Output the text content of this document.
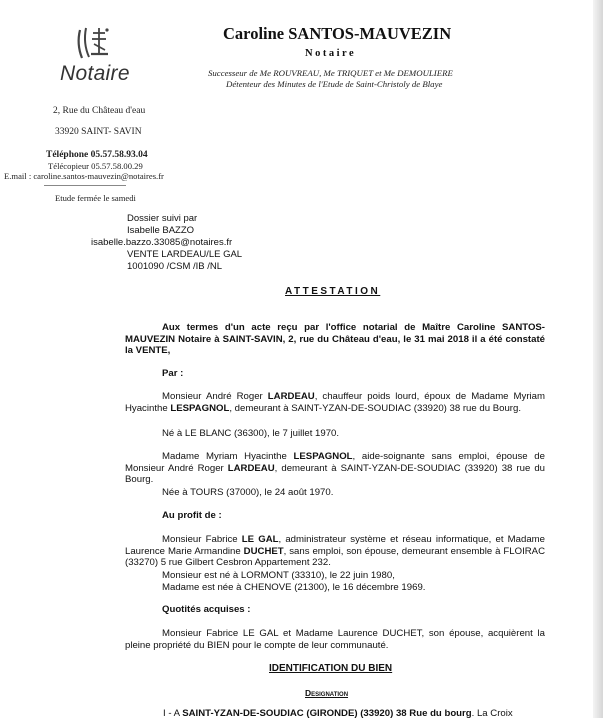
Notaire
2, Rue du Château d'eau
33920 SAINT- SAVIN
Téléphone 05.57.58.93.04
Télécopieur 05.57.58.00.29
E.mail : caroline.santos-mauvezin@notaires.fr
Etude fermée le samedi
Caroline SANTOS-MAUVEZIN
Notaire
Successeur de Me ROUVREAU, Me TRIQUET et Me DEMOULIERE
Détenteur des Minutes de l'Etude de Saint-Christoly de Blaye
Dossier suivi par
Isabelle BAZZO
isabelle.bazzo.33085@notaires.fr
VENTE LARDEAU/LE GAL
1001090 /CSM /IB /NL
ATTESTATION
Aux termes d'un acte reçu par l'office notarial de Maître Caroline SANTOS-MAUVEZIN Notaire à SAINT-SAVIN, 2, rue du Château d'eau, le 31 mai 2018 il a été constaté la VENTE,
Par :
Monsieur André Roger LARDEAU, chauffeur poids lourd, époux de Madame Myriam Hyacinthe LESPAGNOL, demeurant à SAINT-YZAN-DE-SOUDIAC (33920) 38 rue du Bourg.
Né à LE BLANC (36300), le 7 juillet 1970.
Madame Myriam Hyacinthe LESPAGNOL, aide-soignante sans emploi, épouse de Monsieur André Roger LARDEAU, demeurant à SAINT-YZAN-DE-SOUDIAC (33920) 38 rue du Bourg.
Née à TOURS (37000), le 24 août 1970.
Au profit de :
Monsieur Fabrice LE GAL, administrateur système et réseau informatique, et Madame Laurence Marie Armandine DUCHET, sans emploi, son épouse, demeurant ensemble à FLOIRAC (33270) 5 rue Gilbert Cesbron Appartement 232.
Monsieur est né à LORMONT (33310), le 22 juin 1980,
Madame est née à CHENOVE (21300), le 16 décembre 1969.
Quotités acquises :
Monsieur Fabrice LE GAL et Madame Laurence DUCHET, son épouse, acquièrent la pleine propriété du BIEN pour le compte de leur communauté.
IDENTIFICATION DU BIEN
Designation
I - A SAINT-YZAN-DE-SOUDIAC (GIRONDE) (33920) 38 Rue du bourg. La Croix
